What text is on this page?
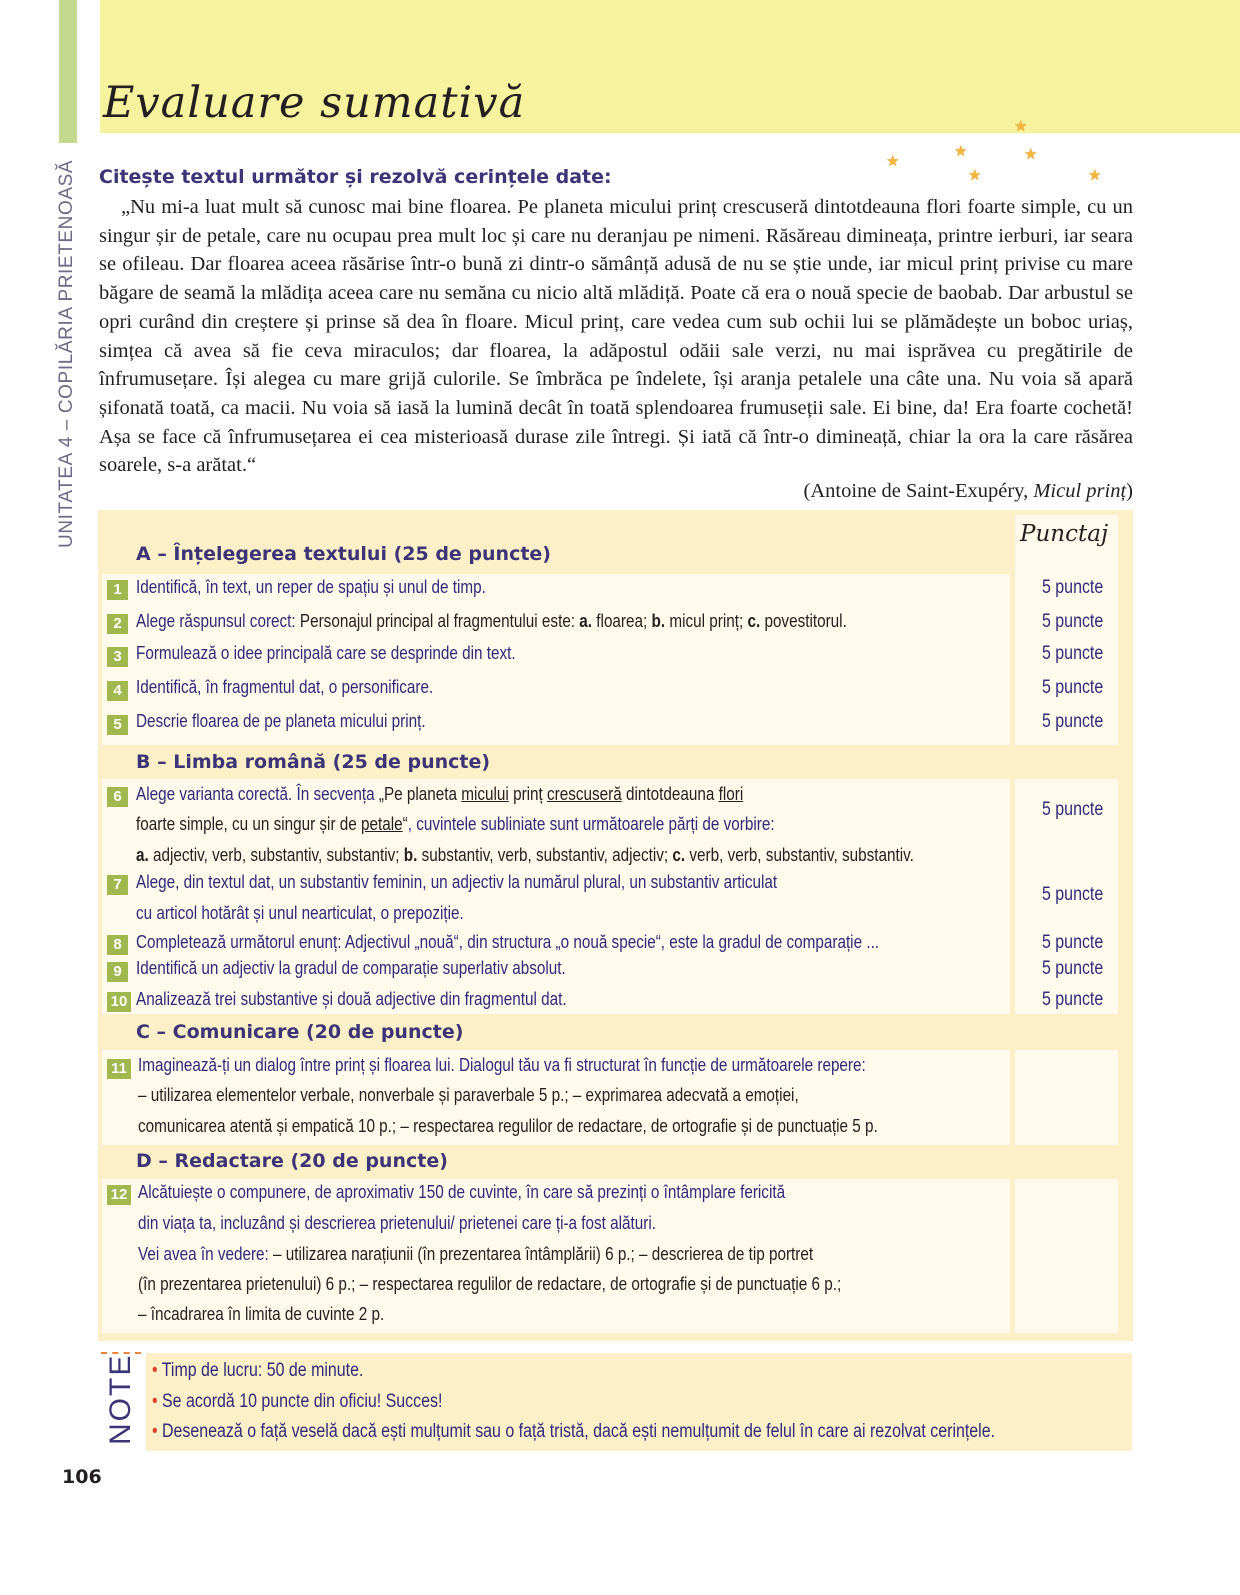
UNITATEA 4 – COPILĂRIA PRIETENOASĂ
Evaluare sumativă	★
★
★	★
★	★
Citește textul următor și rezolvă cerințele date:
„Nu mi-a luat mult să cunosc mai bine floarea. Pe planeta micului prinț crescuseră dintotdeauna flori foarte simple, cu un singur șir de petale, care nu ocupau prea mult loc și care nu deranjau pe nimeni. Răsăreau dimineața, printre ierburi, iar seara se ofileau. Dar floarea aceea răsărise într-o bună zi dintr-o sămânță adusă de nu se știe unde, iar micul prinț privise cu mare băgare de seamă la mlădița aceea care nu semăna cu nicio altă mlădiță. Poate că era o nouă specie de baobab. Dar arbustul se opri curând din creștere și prinse să dea în floare. Micul prinț, care vedea cum sub ochii lui se plămădește un boboc uriaș, simțea că avea să fie ceva miraculos; dar floarea, la adăpostul odăii sale verzi, nu mai isprăvea cu pregătirile de înfrumusețare. Își alegea cu mare grijă culorile. Se îmbrăca pe îndelete, își aranja petalele una câte una. Nu voia să apară șifonată toată, ca macii. Nu voia să iasă la lumină decât în toată splendoarea frumuseții sale. Ei bine, da! Era foarte cochetă! Așa se face că înfrumusețarea ei cea misterioasă durase zile întregi. Și iată că într-o dimineață, chiar la ora la care răsărea soarele, s-a arătat.“
(Antoine de Saint-Exupéry, Micul prinț)
Punctaj
A – Înțelegerea textului (25 de puncte)
1 Identifică, în text, un reper de spațiu și unul de timp.	5 puncte
2 Alege răspunsul corect: Personajul principal al fragmentului este: a. floarea; b. micul prinț; c. povestitorul.	5 puncte
3 Formulează o idee principală care se desprinde din text.	5 puncte
4 Identifică, în fragmentul dat, o personificare.	5 puncte
5 Descrie floarea de pe planeta micului prinț.	5 puncte
B – Limba română (25 de puncte)
6 Alege varianta corectă. În secvența „Pe planeta micului prinț crescuseră dintotdeauna flori
foarte simple, cu un singur șir de petale“, cuvintele subliniate sunt următoarele părți de vorbire:
a. adjectiv, verb, substantiv, substantiv; b. substantiv, verb, substantiv, adjectiv; c. verb, verb, substantiv, substantiv.
5 puncte
7 Alege, din textul dat, un substantiv feminin, un adjectiv la numărul plural, un substantiv articulat
cu articol hotărât și unul nearticulat, o prepoziție.
5 puncte
8 Completează următorul enunț: Adjectivul „nouă“, din structura „o nouă specie“, este la gradul de comparație ...	5 puncte
9 Identifică un adjectiv la gradul de comparație superlativ absolut.	5 puncte
10 Analizează trei substantive și două adjective din fragmentul dat.	5 puncte
C – Comunicare (20 de puncte)
11 Imaginează-ți un dialog între prinț și floarea lui. Dialogul tău va fi structurat în funcție de următoarele repere:
– utilizarea elementelor verbale, nonverbale și paraverbale 5 p.; – exprimarea adecvată a emoției,
comunicarea atentă și empatică 10 p.; – respectarea regulilor de redactare, de ortografie și de punctuație 5 p.
D – Redactare (20 de puncte)
12 Alcătuiește o compunere, de aproximativ 150 de cuvinte, în care să prezinți o întâmplare fericită
din viața ta, incluzând și descrierea prietenului/ prietenei care ți-a fost alături.
Vei avea în vedere: – utilizarea narațiunii (în prezentarea întâmplării) 6 p.; – descrierea de tip portret
(în prezentarea prietenului) 6 p.; – respectarea regulilor de redactare, de ortografie și de punctuație 6 p.;
– încadrarea în limita de cuvinte 2 p.
NOTE • Timp de lucru: 50 de minute.
• Se acordă 10 puncte din oficiu! Succes!
• Desenează o față veselă dacă ești mulțumit sau o față tristă, dacă ești nemulțumit de felul în care ai rezolvat cerințele.
106
